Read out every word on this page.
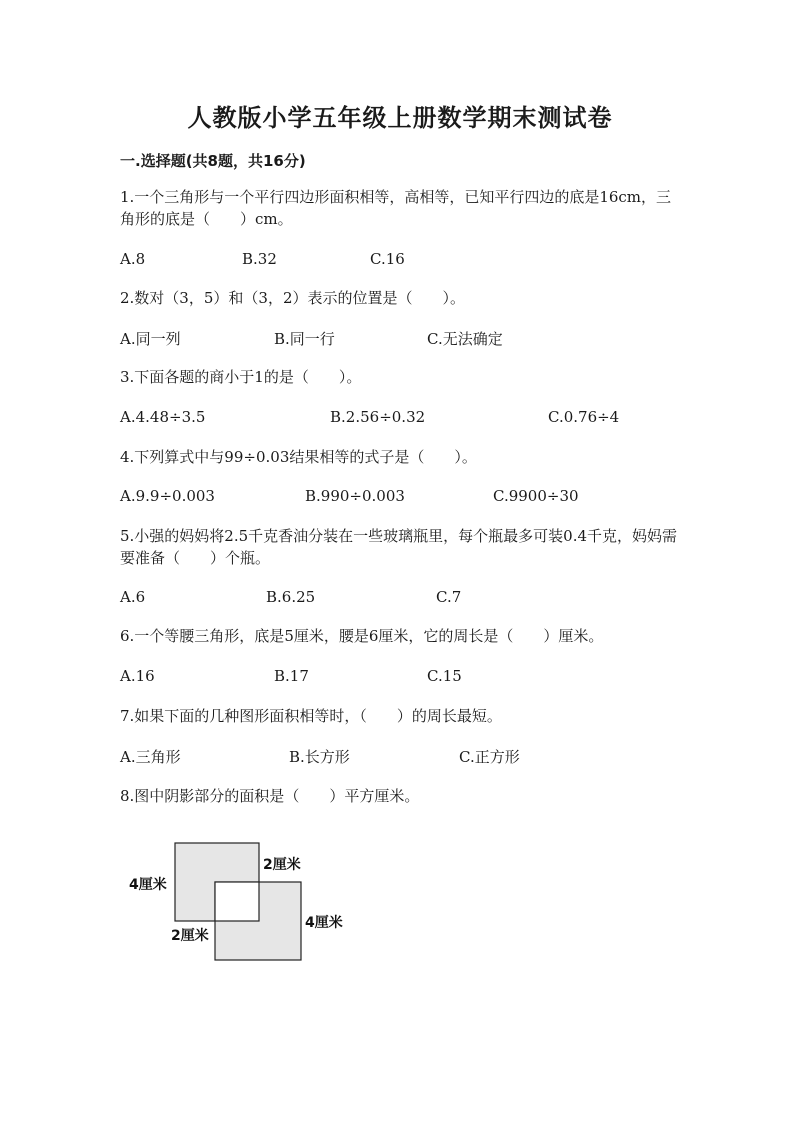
人教版小学五年级上册数学期末测试卷
一.选择题(共8题，共16分)
1.一个三角形与一个平行四边形面积相等，高相等，已知平行四边的底是16cm，三角形的底是（　　）cm。
A.8	B.32	C.16
2.数对（3，5）和（3，2）表示的位置是（　　）。
A.同一列	B.同一行	C.无法确定
3.下面各题的商小于1的是（　　）。
A.4.48÷3.5	B.2.56÷0.32	C.0.76÷4
4.下列算式中与99÷0.03结果相等的式子是（　　）。
A.9.9÷0.003	B.990÷0.003	C.9900÷30
5.小强的妈妈将2.5千克香油分装在一些玻璃瓶里，每个瓶最多可装0.4千克，妈妈需要准备（　　）个瓶。
A.6	B.6.25	C.7
6.一个等腰三角形，底是5厘米，腰是6厘米，它的周长是（　　）厘米。
A.16	B.17	C.15
7.如果下面的几种图形面积相等时，（　　）的周长最短。
A.三角形	B.长方形	C.正方形
8.图中阴影部分的面积是（　　）平方厘米。
4厘米
2厘米
2厘米
4厘米
